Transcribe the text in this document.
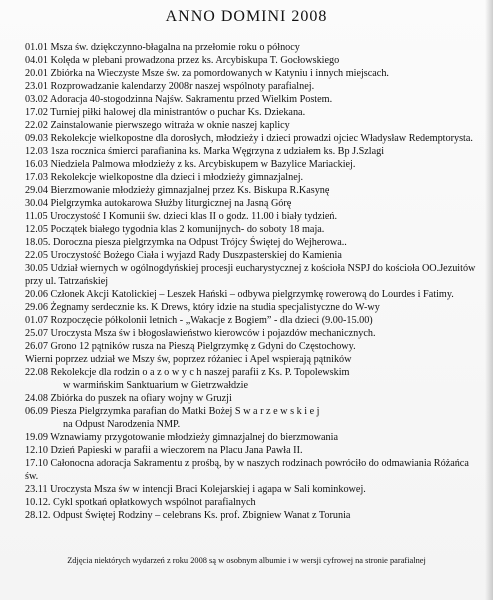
ANNO DOMINI 2008
01.01 Msza św. dziękczynno-błagalna na przełomie roku o północy
04.01 Kolęda w plebani prowadzona przez ks. Arcybiskupa T. Gocłowskiego
20.01 Zbiórka na Wieczyste Msze św. za pomordowanych w Katyniu i innych miejscach.
23.01 Rozprowadzanie kalendarzy 2008r naszej wspólnoty parafialnej.
03.02 Adoracja 40-stogodzinna Najśw. Sakramentu przed Wielkim Postem.
17.02 Turniej piłki halowej dla ministrantów o puchar Ks. Dziekana.
22.02 Zainstalowanie pierwszego witraża w oknie naszej kaplicy
09.03 Rekolekcje wielkopostne dla dorosłych, młodzieży i dzieci prowadzi ojciec Władysław Redemptorysta.
12.03 1sza rocznica śmierci parafianina ks. Marka Węgrzyna z udziałem ks. Bp J.Szlagi
16.03 Niedziela Palmowa młodzieży z ks. Arcybiskupem w Bazylice Mariackiej.
17.03 Rekolekcje wielkopostne dla dzieci i młodzieży gimnazjalnej.
29.04 Bierzmowanie młodzieży gimnazjalnej przez Ks. Biskupa R.Kasynę
30.04 Pielgrzymka autokarowa Służby liturgicznej na Jasną Górę
11.05 Uroczystość I Komunii św. dzieci klas II o godz. 11.00 i biały tydzień.
12.05 Początek białego tygodnia klas 2 komunijnych- do soboty 18 maja.
18.05. Doroczna piesza pielgrzymka na Odpust Trójcy Świętej do Wejherowa..
22.05 Uroczystość Bożego Ciała i wyjazd Rady Duszpasterskiej do Kamienia
30.05 Udział wiernych w ogólnogdyńskiej procesji eucharystycznej z kościoła NSPJ do kościoła OO.Jezuitów przy ul. Tatrzańskiej
20.06 Członek Akcji Katolickiej – Leszek Hański – odbywa pielgrzymkę rowerową do Lourdes i Fatimy.
29.06 Żegnamy serdecznie ks. K Drews, który idzie na studia specjalistyczne do W-wy
01.07 Rozpoczęcie półkolonii letnich - „Wakacje z Bogiem” - dla dzieci (9.00-15.00)
25.07 Uroczysta Msza św i błogosławieństwo kierowców i pojazdów mechanicznych.
26.07 Grono 12 pątników rusza na Pieszą Pielgrzymkę z Gdyni do Częstochowy.
Wierni poprzez udział we Mszy św, poprzez różaniec i Apel wspierają pątników
22.08 Rekolekcje dla rodzin o a z o w y c h naszej parafii z Ks. P. Topolewskim
w warmińskim Sanktuarium w Gietrzwałdzie
24.08 Zbiórka do puszek na ofiary wojny w Gruzji
06.09 Piesza Pielgrzymka parafian do Matki Bożej S w a r z e w s k i e j
na Odpust Narodzenia NMP.
19.09 Wznawiamy przygotowanie młodzieży gimnazjalnej do bierzmowania
12.10 Dzień Papieski w parafii a wieczorem na Placu Jana Pawła II.
17.10 Całonocna adoracja Sakramentu z prośbą, by w naszych rodzinach powróciło do odmawiania Różańca św.
23.11 Uroczysta Msza św w intencji Braci Kolejarskiej i agapa w Sali kominkowej.
10.12. Cykl spotkań opłatkowych wspólnot parafialnych
28.12. Odpust Świętej Rodziny – celebrans Ks. prof. Zbigniew Wanat z Torunia
Zdjęcia niektórych wydarzeń z roku 2008 są w osobnym albumie i w wersji cyfrowej na stronie parafialnej
